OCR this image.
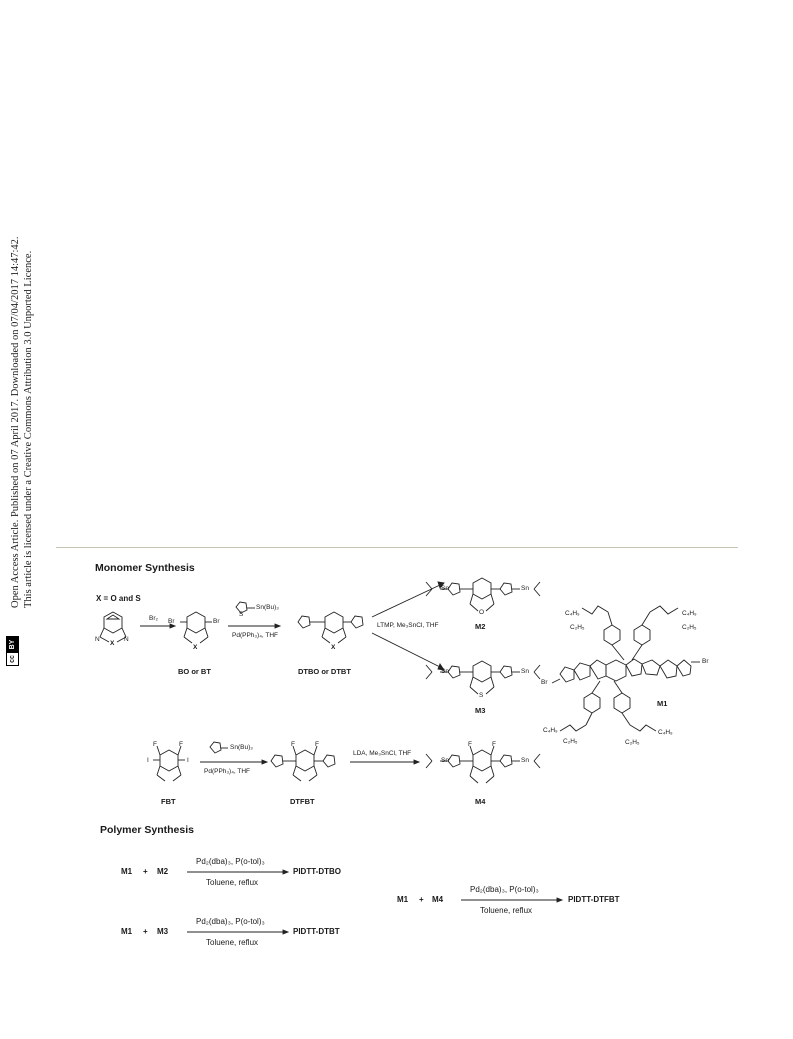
Open Access Article. Published on 07 April 2017. Downloaded on 07/04/2017 14:47:42. This article is licensed under a Creative Commons Attribution 3.0 Unported Licence.
cc
BY
Monomer Synthesis
X = O and S
N
X
N
Br₂ Br	Br
X
BO or BT
S
Sn(Bu)₃
Pd(PPh₃)₄, THF
X
DTBO or DTBT
LTMP, Me₃SnCl, THF
Sn	Sn
O
M2
Sn	Sn
S
M3
C₄H₉
C₂H₅
C₄H₉
C₂H₅
Br
Br
M1
C₄H₉
C₂H₅
C₄H₉
C₂H₅
F	F
I	I
FBT
Sn(Bu)₃
Pd(PPh₃)₄, THF
F	F
DTFBT
LDA, Me₃SnCl, THF
Sn	Sn
F	F
M4
Polymer Synthesis
M1 + M2
Pd₂(dba)₃, P(o-tol)₃
Toluene, reflux
PIDTT-DTBO
M1 + M3
Pd₂(dba)₃, P(o-tol)₃
Toluene, reflux
PIDTT-DTBT
M1 + M4
Pd₂(dba)₃, P(o-tol)₃
Toluene, reflux
PIDTT-DTFBT
